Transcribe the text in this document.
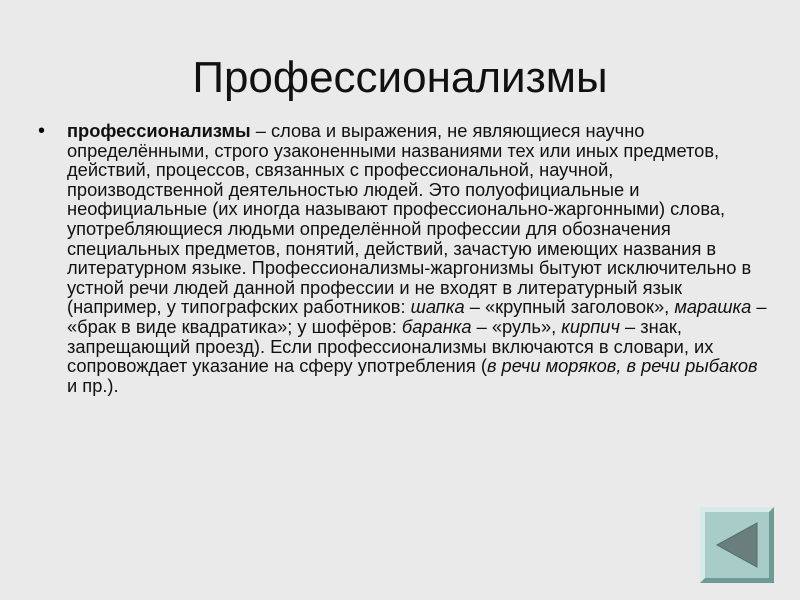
Профессионализмы
• профессионализмы – слова и выражения, не являющиеся научно определёнными, строго узаконенными названиями тех или иных предметов, действий, процессов, связанных с профессиональной, научной, производственной деятельностью людей. Это полуофициальные и неофициальные (их иногда называют профессионально-жаргонными) слова, употребляющиеся людьми определённой профессии для обозначения специальных предметов, понятий, действий, зачастую имеющих названия в литературном языке. Профессионализмы-жаргонизмы бытуют исключительно в устной речи людей данной профессии и не входят в литературный язык (например, у типографских работников: шапка – «крупный заголовок», марашка – «брак в виде квадратика»; у шофёров: баранка – «руль», кирпич – знак, запрещающий проезд). Если профессионализмы включаются в словари, их сопровождает указание на сферу употребления (в речи моряков, в речи рыбаков и пр.).
